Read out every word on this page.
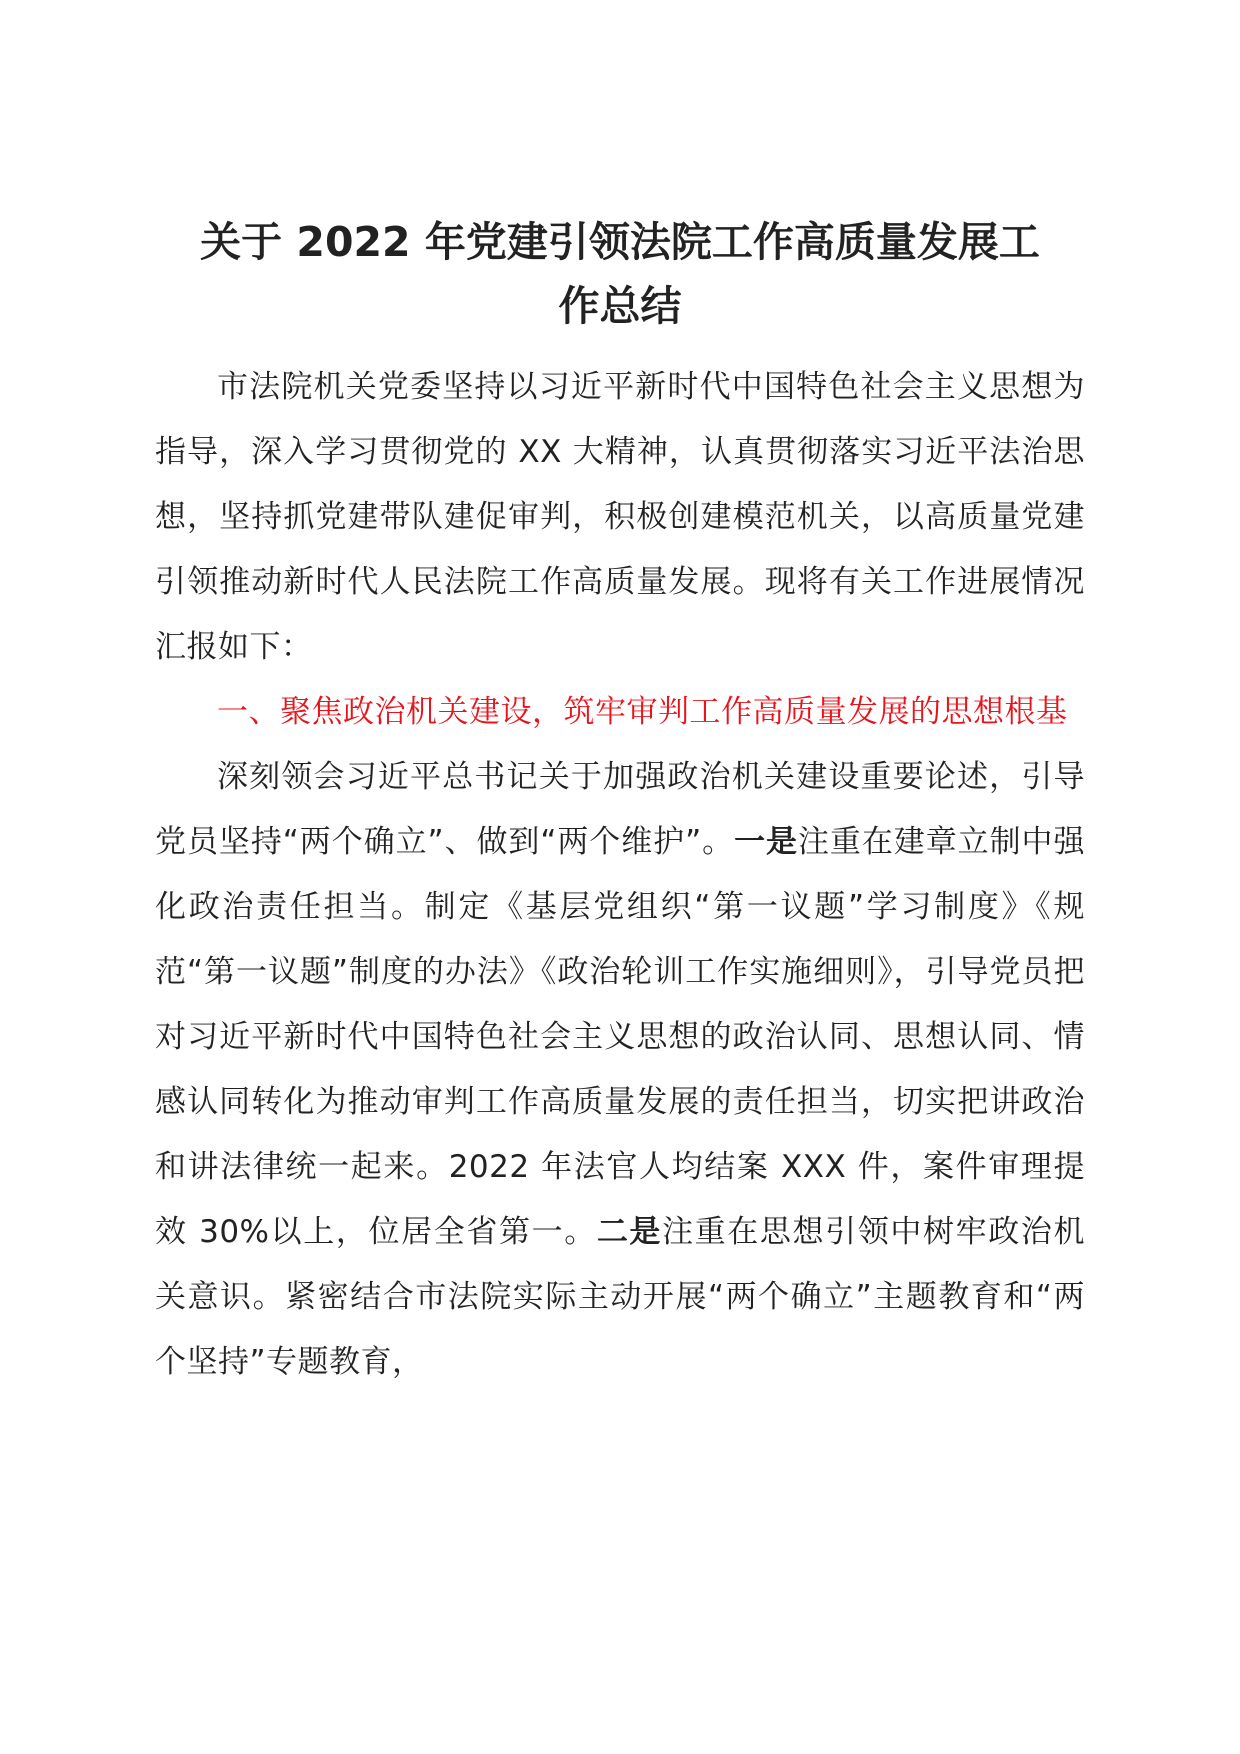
关于 2022 年党建引领法院工作高质量发展工
作总结

市法院机关党委坚持以习近平新时代中国特色社会主义思想为指导，深入学习贯彻党的 XX 大精神，认真贯彻落实习近平法治思想，坚持抓党建带队建促审判，积极创建模范机关，以高质量党建引领推动新时代人民法院工作高质量发展。现将有关工作进展情况汇报如下：

一、聚焦政治机关建设，筑牢审判工作高质量发展的思想根基

深刻领会习近平总书记关于加强政治机关建设重要论述，引导党员坚持“两个确立”、做到“两个维护”。一是注重在建章立制中强化政治责任担当。制定《基层党组织“第一议题”学习制度》《规范“第一议题”制度的办法》《政治轮训工作实施细则》，引导党员把对习近平新时代中国特色社会主义思想的政治认同、思想认同、情感认同转化为推动审判工作高质量发展的责任担当，切实把讲政治和讲法律统一起来。2022 年法官人均结案 XXX 件，案件审理提效 30%以上，位居全省第一。二是注重在思想引领中树牢政治机关意识。紧密结合市法院实际主动开展“两个确立”主题教育和“两个坚持”专题教育，
